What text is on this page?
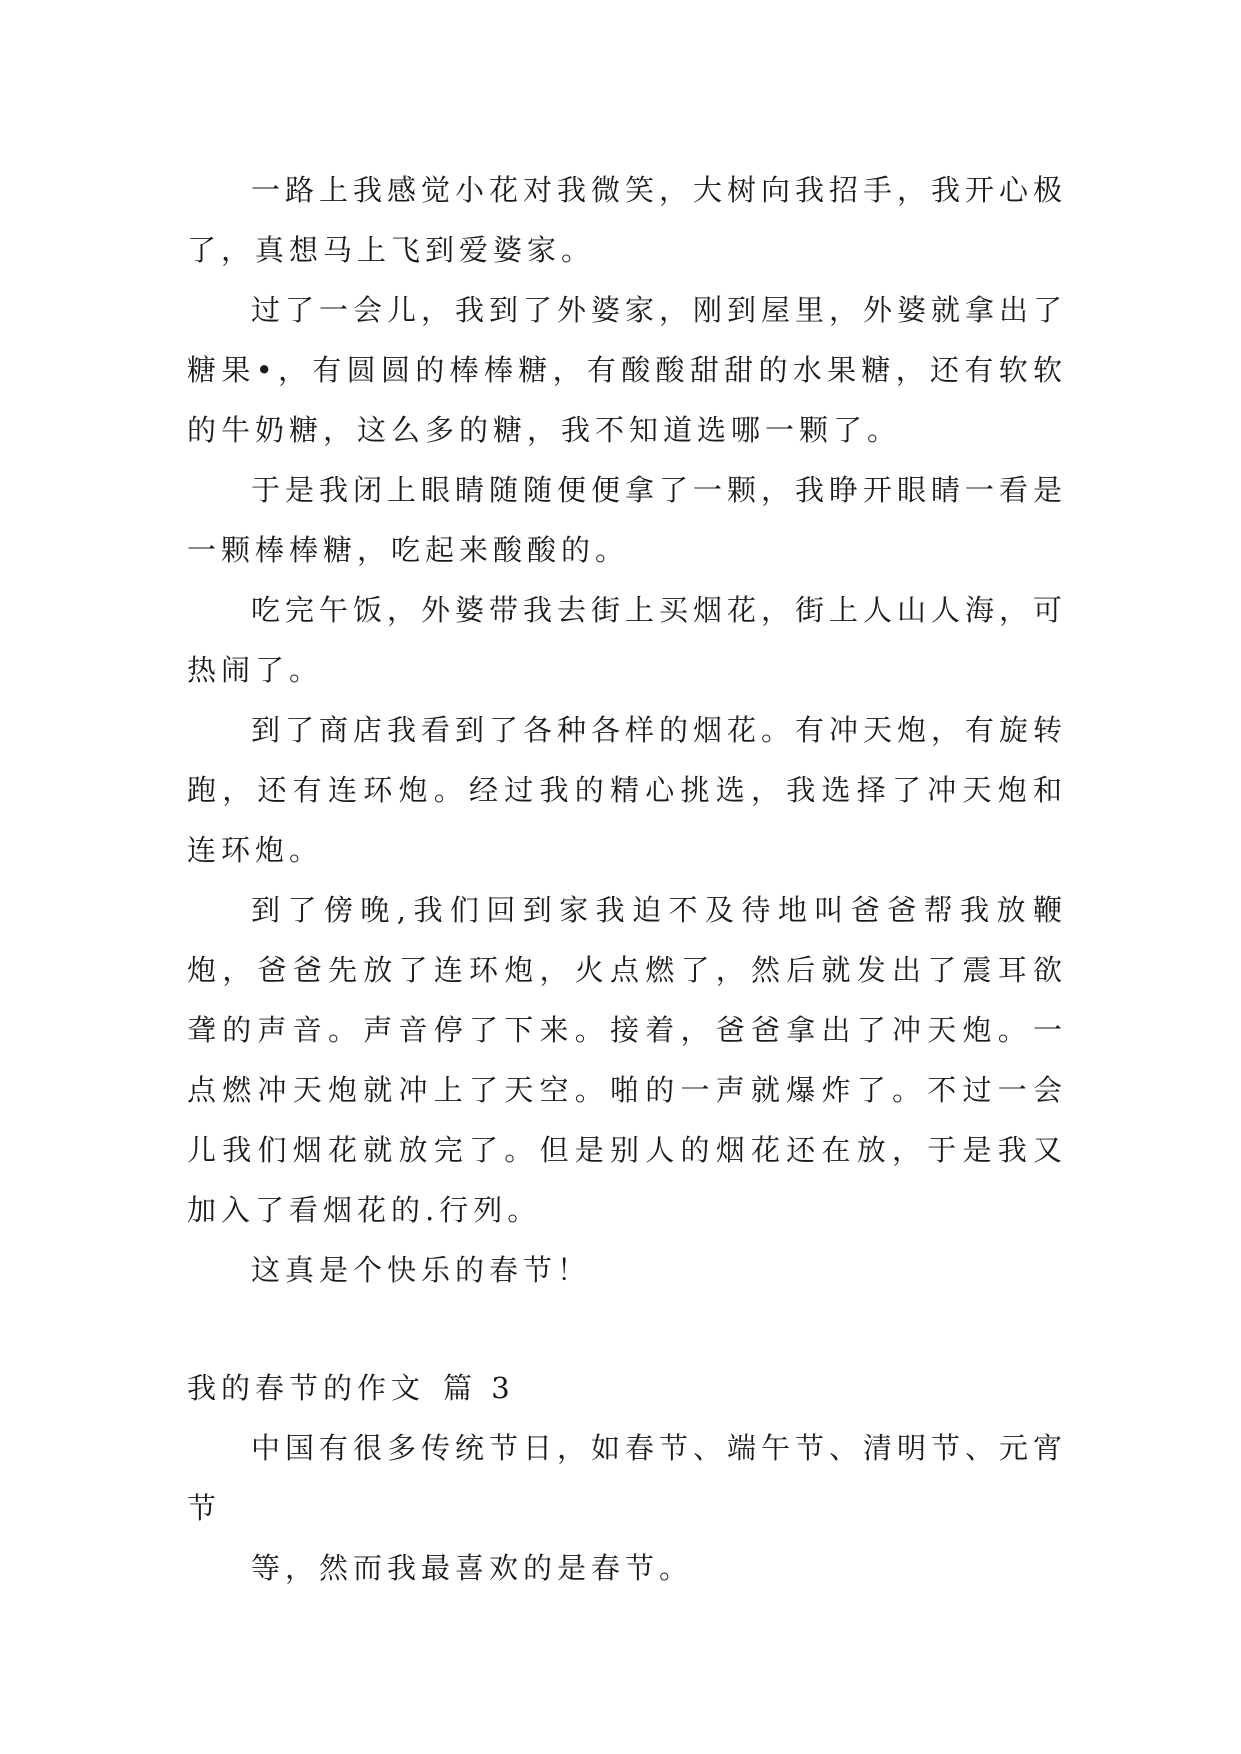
一路上我感觉小花对我微笑，大树向我招手，我开心极了，真想马上飞到爱婆家。

过了一会儿，我到了外婆家，刚到屋里，外婆就拿出了糖果•，有圆圆的棒棒糖，有酸酸甜甜的水果糖，还有软软的牛奶糖，这么多的糖，我不知道选哪一颗了。

于是我闭上眼睛随随便便拿了一颗，我睁开眼睛一看是一颗棒棒糖，吃起来酸酸的。

吃完午饭，外婆带我去街上买烟花，街上人山人海，可热闹了。

到了商店我看到了各种各样的烟花。有冲天炮，有旋转跑，还有连环炮。经过我的精心挑选，我选择了冲天炮和连环炮。

到了傍晚,我们回到家我迫不及待地叫爸爸帮我放鞭炮，爸爸先放了连环炮，火点燃了，然后就发出了震耳欲聋的声音。声音停了下来。接着，爸爸拿出了冲天炮。一点燃冲天炮就冲上了天空。啪的一声就爆炸了。不过一会儿我们烟花就放完了。但是别人的烟花还在放，于是我又加入了看烟花的.行列。

这真是个快乐的春节！

我的春节的作文 篇 3

中国有很多传统节日，如春节、端午节、清明节、元宵节

等，然而我最喜欢的是春节。
